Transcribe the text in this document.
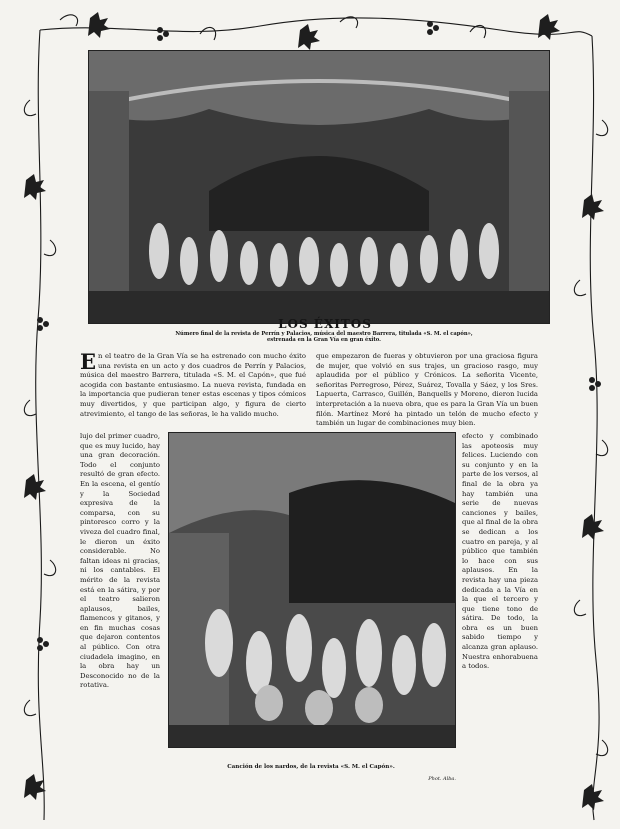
LOS ÉXITOS
Número final de la revista de Perrín y Palacios, música del maestro Barrera, titulada «S. M. el capón», estrenada en la Gran Vía en gran éxito.

En el teatro de la Gran Vía se ha estrenado con mucho éxito una revista en un acto y dos cuadros de Perrín y Palacios, música del maestro Barrera, titulada «S. M. el Capón», que fué acogida con bastante entusiasmo. La nueva revista, fundada en la importancia que pudieran tener estas escenas y tipos cómicos muy divertidos, y que participan algo, y figura de cierto atrevimiento, el tango de las señoras, le ha valido mucho.

que empezaron de fueras y obtuvieron por una graciosa figura de mujer, que volvió en sus trajes, un gracioso rasgo, muy aplaudida por el público y Crónicos. La señorita Vicente, señoritas Perregroso, Pérez, Suárez, Tovalla y Sáez, y los Sres. Lapuerta, Carrasco, Guillén, Banquells y Moreno, dieron lucida interpretación a la nueva obra, que es para la Gran Vía un buen filón. Martínez Moré ha pintado un telón de mucho efecto y también un lugar de combinaciones muy bien.

lujo del primer cuadro, que es muy lucido, hay una gran decoración. Todo el conjunto resultó de gran efecto. En la escena, el gentío y la Sociedad expresiva de la comparsa, con su pintoresco corro y la viveza del cuadro final, le dieron un éxito considerable. No faltan ideas ni gracias, ni los cantables. El mérito de la revista está en la sátira, y por el teatro salieron aplausos, bailes, flamencos y gitanos, y en fin muchas cosas que dejaron contentos al público. Con otra ciudadela imagino, en la obra hay un Desconocido no de la rotativa.

efecto y combinado las apoteosis muy felices. Luciendo con su conjunto y en la parte de los versos, al final de la obra ya hay también una serie de nuevas canciones y bailes, que al final de la obra se dedican a los cuatro en pareja, y al público que también lo hace con sus aplausos. En la revista hay una pieza dedicada a la Vía en la que el tercero y que tiene tono de sátira. De todo, la obra es un buen sabido tiempo y alcanza gran aplauso. Nuestra enhorabuena a todos.

Canción de los nardos, de la revista «S. M. el Capón».
Phot. Alba.
